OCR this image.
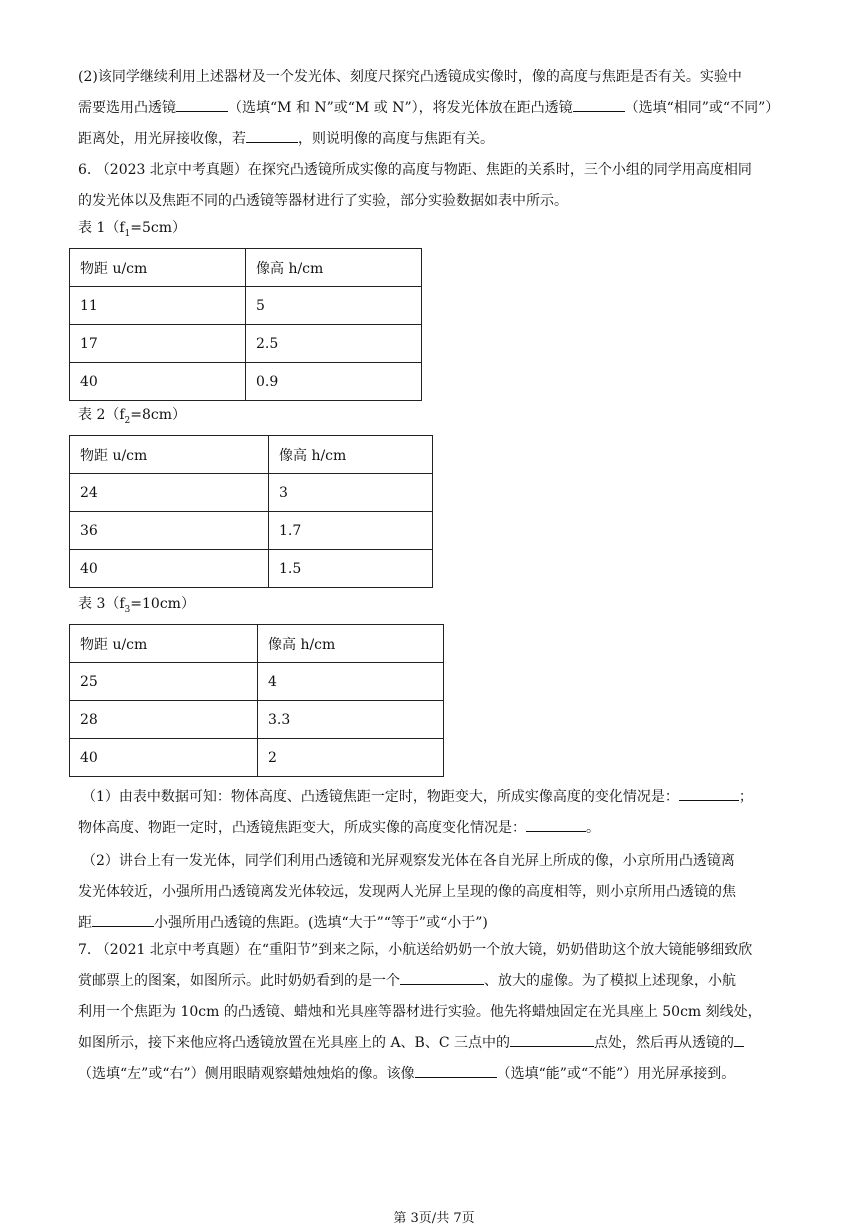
(2)该同学继续利用上述器材及一个发光体、刻度尺探究凸透镜成实像时，像的高度与焦距是否有关。实验中
需要选用凸透镜	（选填“M 和 N”或“M 或 N”），将发光体放在距凸透镜	（选填“相同”或“不同”）
距离处，用光屏接收像，若	，则说明像的高度与焦距有关。

6. （2023 北京中考真题）在探究凸透镜所成实像的高度与物距、焦距的关系时，三个小组的同学用高度相同
的发光体以及焦距不同的凸透镜等器材进行了实验，部分实验数据如表中所示。

表 $1(f_1=5cm)$

物距 u/cm	像高 h/cm
11	5
17	2.5
40	0.9

表 $2(f_2=8cm)$

物距 u/cm	像高 h/cm
24	3
36	1.7
40	1.5

表 $3(f_3=10cm)$

物距 u/cm	像高 h/cm
25	4
28	3.3
40	2

（1）由表中数据可知：物体高度、凸透镜焦距一定时，物距变大，所成实像高度的变化情况是：	；
物体高度、物距一定时，凸透镜焦距变大，所成实像的高度变化情况是：	。

（2）讲台上有一发光体，同学们利用凸透镜和光屏观察发光体在各自光屏上所成的像，小京所用凸透镜离
发光体较近，小强所用凸透镜离发光体较远，发现两人光屏上呈现的像的高度相等，则小京所用凸透镜的焦
距	小强所用凸透镜的焦距。(选填“大于”“等于”或“小于”)

7. （2021 北京中考真题）在“重阳节”到来之际，小航送给奶奶一个放大镜，奶奶借助这个放大镜能够细致欣
赏邮票上的图案，如图所示。此时奶奶看到的是一个	、放大的虚像。为了模拟上述现象，小航
利用一个焦距为 10cm 的凸透镜、蜡烛和光具座等器材进行实验。他先将蜡烛固定在光具座上 50cm 刻线处，
如图所示，接下来他应将凸透镜放置在光具座上的 A、B、C 三点中的	点处，然后再从透镜的
（选填“左”或“右”）侧用眼睛观察蜡烛烛焰的像。该像	（选填“能”或“不能”）用光屏承接到。

第 3页/共 7页
